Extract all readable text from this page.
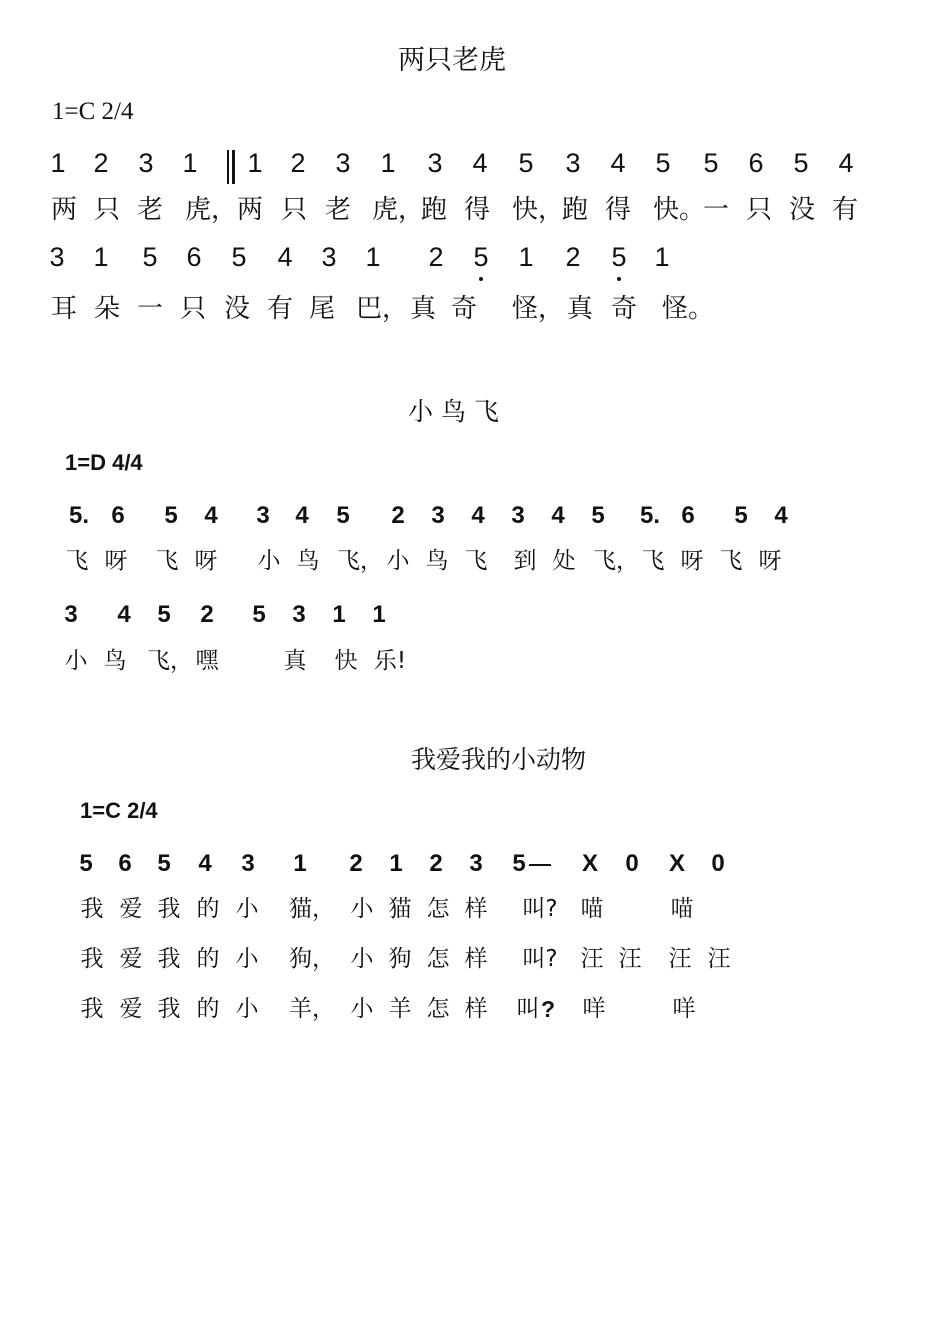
两只老虎
1=C 2/4
1	2	3	1	1	2	3	1	3	4	5	3	4	5	5	6	5	4
两 只 老 虎， 两 只 老 虎，
跑 得 快，
跑 得 快。
一 只 没 有
3	1	5	6	5	4	3	1	2	5	1	2	5	1
耳 朵 一 只 没 有 尾 巴， 真 奇 怪， 真 奇 怪。
小 鸟 飞
1=D 4/4
5. 6	5	4	3	4	5	2	3	4	3	4	5	5. 6	5	4
飞 呀	飞 呀	小 鸟 飞， 小 鸟 飞	到 处 飞， 飞 呀 飞 呀
3	4	5	2	5	3	1	1
小 鸟 飞， 嘿	真	快 乐!
我爱我的小动物
1=C 2/4
5	6	5	4	3	1	2	1	2	3	5	X	0	X	0
我 爱 我 的 小	猫， 小 猫 怎 样	叫? 喵	喵
我 爱 我 的 小	狗， 小 狗 怎 样	叫? 汪 汪	汪 汪
我 爱 我 的 小	羊， 小 羊 怎 样	叫 ?	咩	咩
